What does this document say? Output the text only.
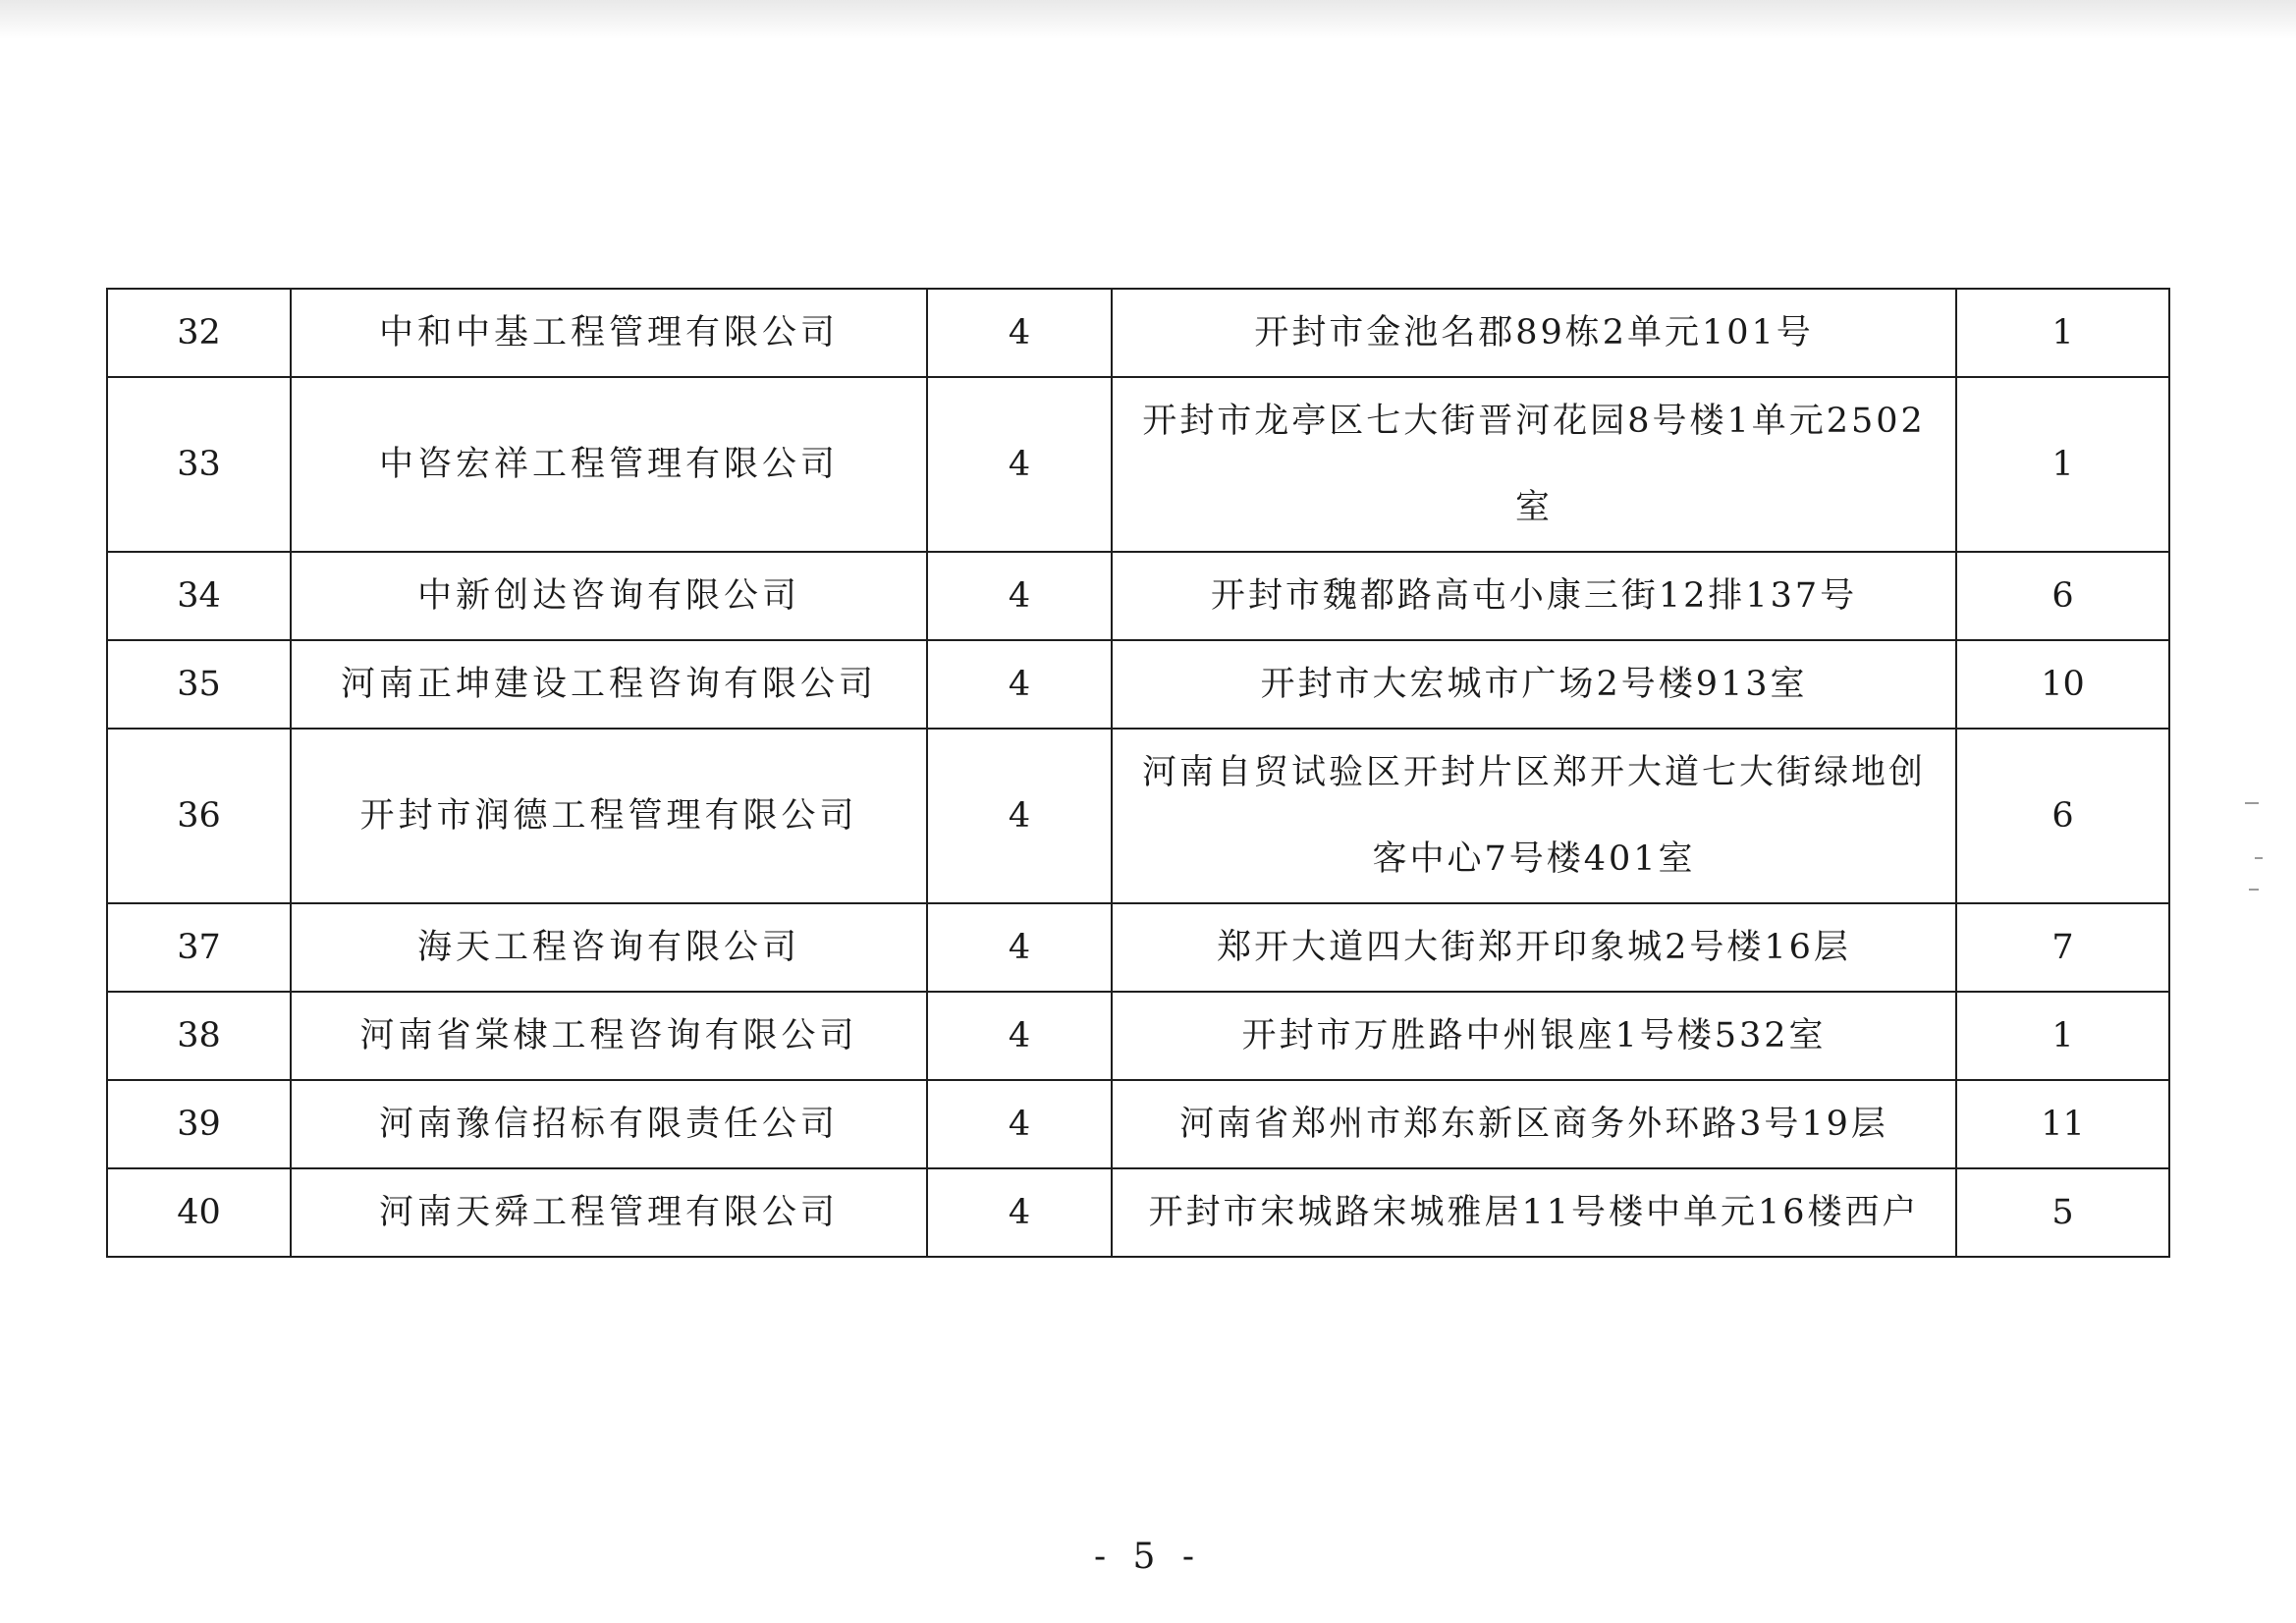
32	中和中基工程管理有限公司	4	开封市金池名郡89栋2单元101号	1
33	中咨宏祥工程管理有限公司	4	开封市龙亭区七大街晋河花园8号楼1单元2502室	1
34	中新创达咨询有限公司	4	开封市魏都路高屯小康三街12排137号	6
35	河南正坤建设工程咨询有限公司	4	开封市大宏城市广场2号楼913室	10
36	开封市润德工程管理有限公司	4	河南自贸试验区开封片区郑开大道七大街绿地创客中心7号楼401室	6
37	海天工程咨询有限公司	4	郑开大道四大街郑开印象城2号楼16层	7
38	河南省棠棣工程咨询有限公司	4	开封市万胜路中州银座1号楼532室	1
39	河南豫信招标有限责任公司	4	河南省郑州市郑东新区商务外环路3号19层	11
40	河南天舜工程管理有限公司	4	开封市宋城路宋城雅居11号楼中单元16楼西户	5
- 5 -
